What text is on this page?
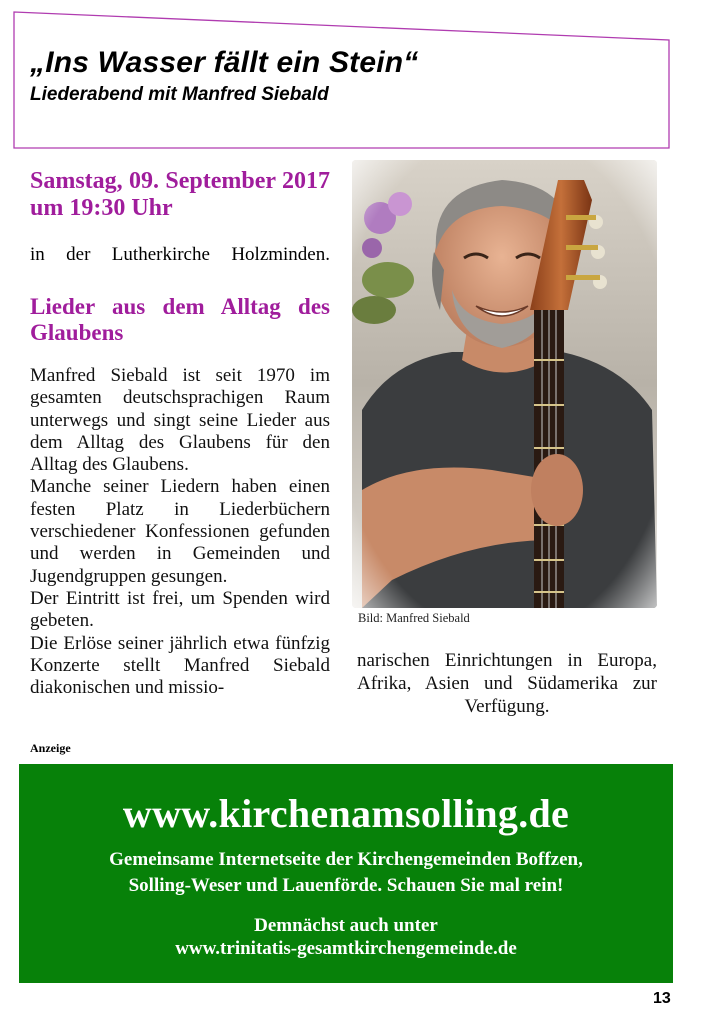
„Ins Wasser fällt ein Stein“
Liederabend mit Manfred Siebald

Samstag, 09. September 2017 um 19:30 Uhr

in der Lutherkirche Holzminden.
Lieder aus dem Alltag des Glaubens

Manfred Siebald ist seit 1970 im gesamten deutschsprachigen Raum unterwegs und singt seine Lieder aus dem Alltag des Glaubens für den Alltag des Glaubens.

Manche seiner Liedern haben einen festen Platz in Liederbüchern verschiedener Konfessionen gefunden und werden in Gemeinden und Jugendgruppen gesungen.

Der Eintritt ist frei, um Spenden wird gebeten.

Die Erlöse seiner jährlich etwa fünfzig Konzerte stellt Manfred Siebald diakonischen und missio-

Bild: Manfred Siebald
narischen Einrichtungen in Europa, Afrika, Asien und Südamerika zur Verfügung.
Anzeige
www.kirchenamsolling.de
Gemeinsame Internetseite der Kirchengemeinden Boffzen,
Solling-Weser und Lauenförde. Schauen Sie mal rein!
Demnächst auch unter
www.trinitatis-gesamtkirchengemeinde.de
13
